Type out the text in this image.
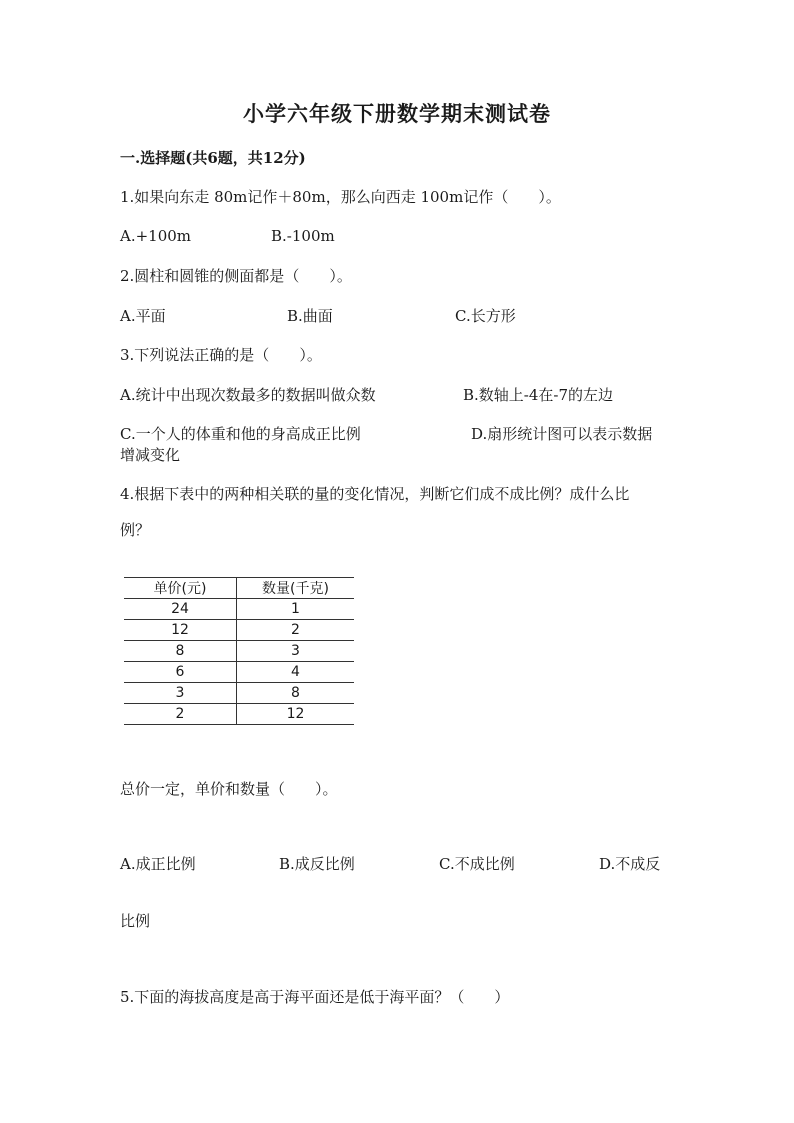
小学六年级下册数学期末测试卷
一.选择题(共6题，共12分)
1.如果向东走 80m记作＋80m，那么向西走 100m记作（　　）。
A.+100m	B.-100m
2.圆柱和圆锥的侧面都是（　　）。
A.平面	B.曲面	C.长方形
3.下列说法正确的是（　　）。
A.统计中出现次数最多的数据叫做众数	B.数轴上-4在-7的左边
C.一个人的体重和他的身高成正比例	D.扇形统计图可以表示数据
增减变化
4.根据下表中的两种相关联的量的变化情况，判断它们成不成比例？成什么比
例？
单价(元)	数量(千克)
24	1
12	2
8	3
6	4
3	8
2	12
总价一定，单价和数量（　　）。
A.成正比例	B.成反比例	C.不成比例	D.不成反
比例
5.下面的海拔高度是高于海平面还是低于海平面？（　　）
